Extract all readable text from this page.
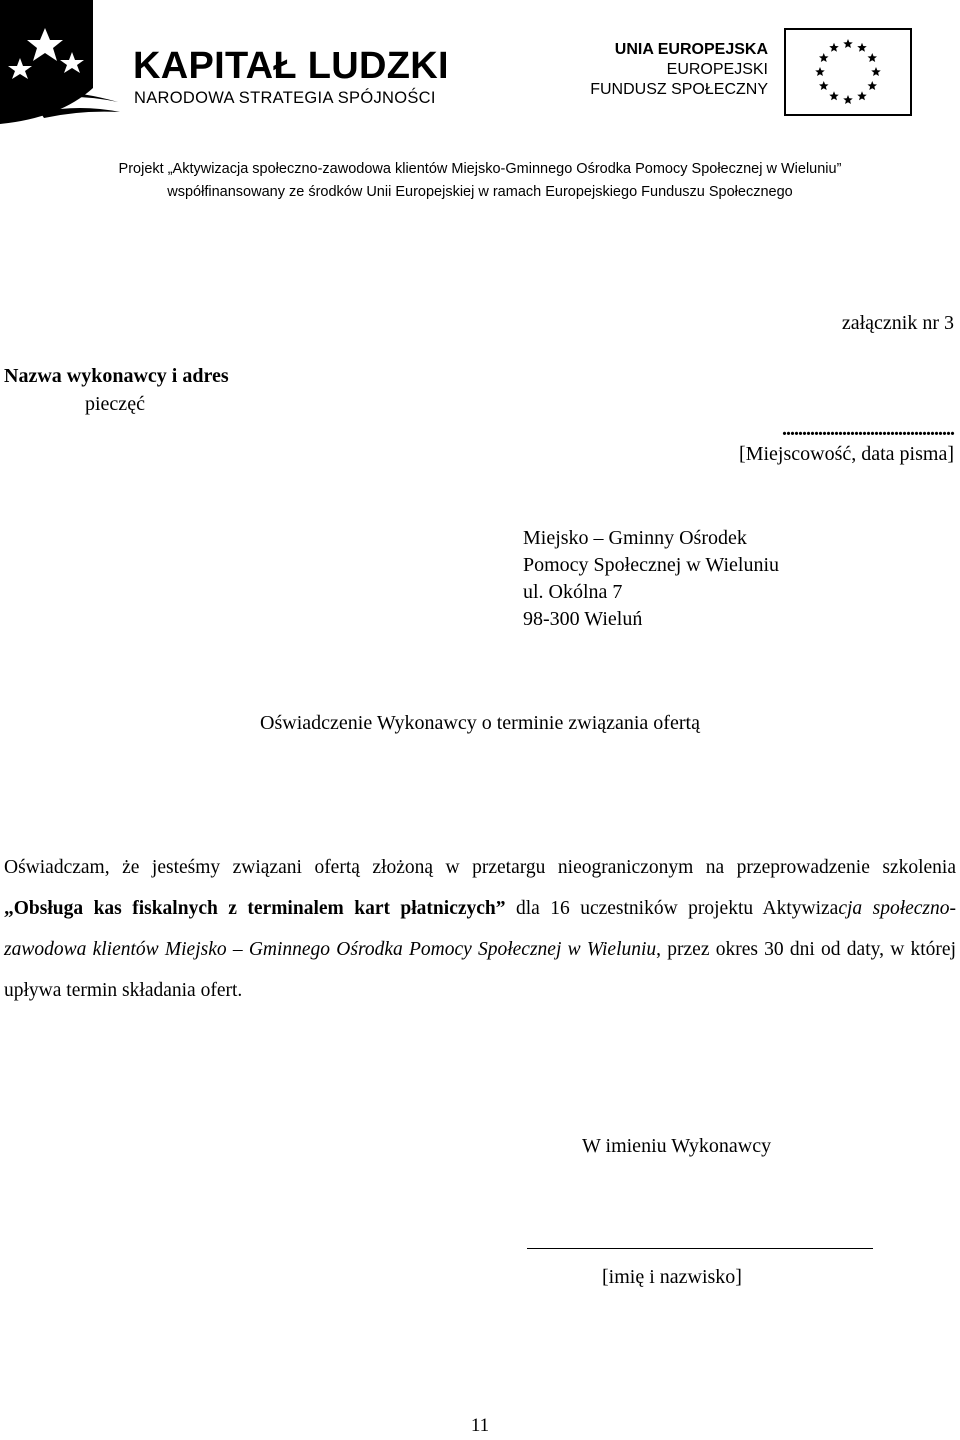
KAPITAŁ LUDZKI
NARODOWA STRATEGIA SPÓJNOŚCI
UNIA EUROPEJSKA
EUROPEJSKI
FUNDUSZ SPOŁECZNY
Projekt „Aktywizacja społeczno-zawodowa klientów Miejsko-Gminnego Ośrodka Pomocy Społecznej w Wieluniu”
współfinansowany ze środków Unii Europejskiej w ramach Europejskiego Funduszu Społecznego
załącznik nr 3
Nazwa wykonawcy i adres
pieczęć
...........................................
[Miejscowość, data pisma]
Miejsko – Gminny Ośrodek
Pomocy Społecznej w Wieluniu
ul. Okólna 7
98-300 Wieluń
Oświadczenie Wykonawcy o terminie związania ofertą
Oświadczam, że jesteśmy związani ofertą złożoną w przetargu nieograniczonym na przeprowadzenie szkolenia „Obsługa kas fiskalnych z terminalem kart płatniczych” dla 16 uczestników projektu Aktywizacja społeczno-zawodowa klientów Miejsko – Gminnego Ośrodka Pomocy Społecznej w Wieluniu, przez okres 30 dni od daty, w której upływa termin składania ofert.
W imieniu Wykonawcy
[imię i nazwisko]
11
